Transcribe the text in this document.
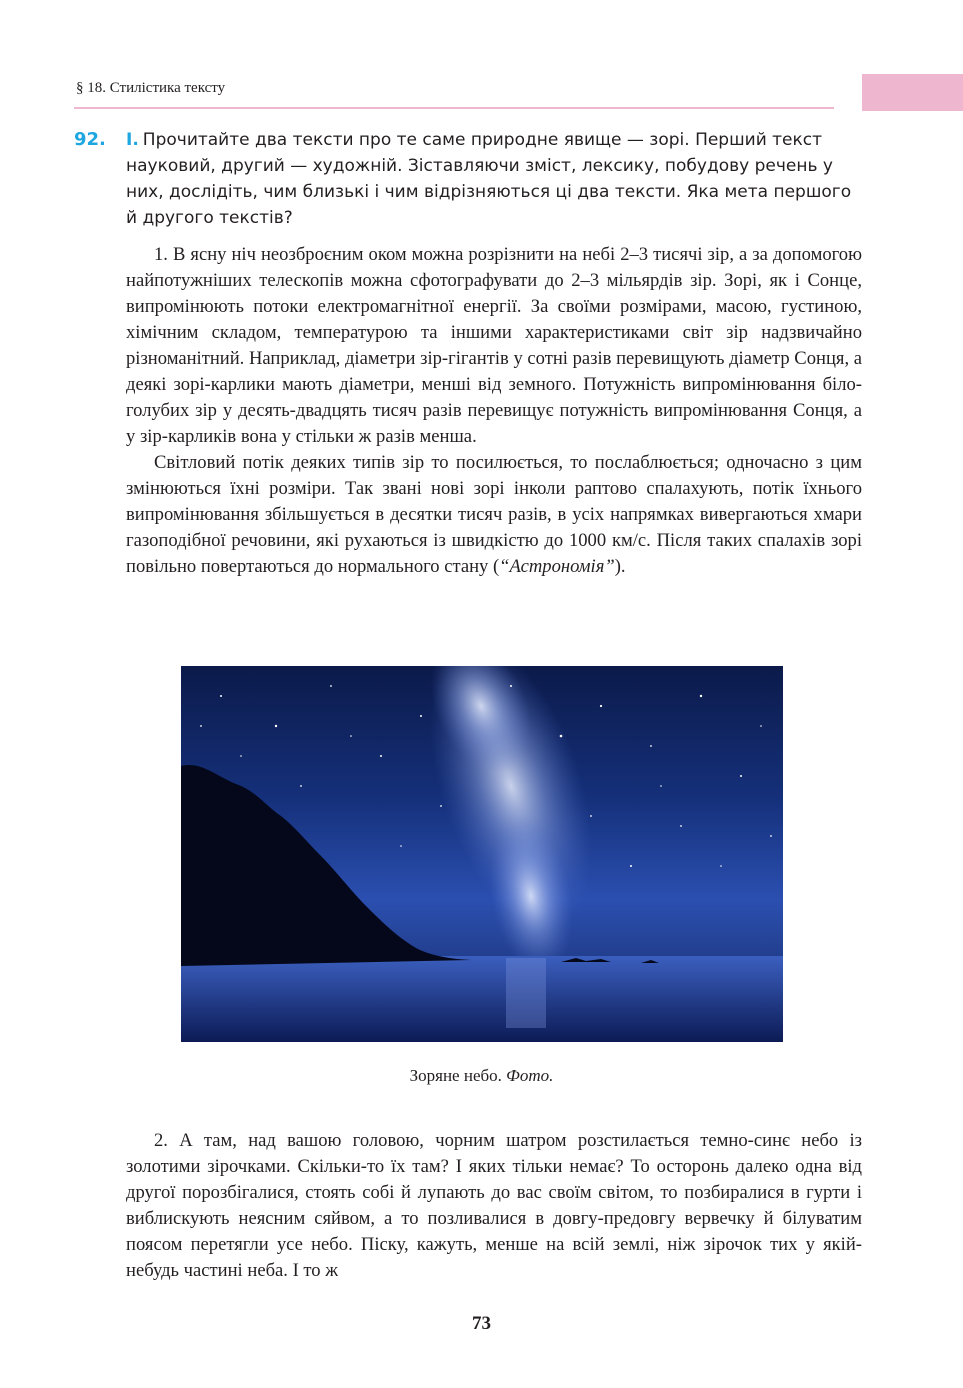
§ 18. Стилістика тексту
92. І. Прочитайте два тексти про те саме природне явище — зорі. Перший текст науковий, другий — художній. Зіставляючи зміст, лексику, побудову речень у них, дослідіть, чим близькі і чим відрізняються ці два тексти. Яка мета першого й другого текстів?

1. В ясну ніч неозброєним оком можна розрізнити на небі 2–3 тисячі зір, а за допомогою найпотужніших телескопів можна сфотографувати до 2–3 мільярдів зір. Зорі, як і Сонце, випромінюють потоки електромагнітної енергії. За своїми розмірами, масою, густиною, хімічним складом, температурою та іншими характеристиками світ зір надзвичайно різноманітний. Наприклад, діаметри зір-гігантів у сотні разів перевищують діаметр Сонця, а деякі зорі-карлики мають діаметри, менші від земного. Потужність випромінювання біло-голубих зір у десять-двадцять тисяч разів перевищує потужність випромінювання Сонця, а у зір-карликів вона у стільки ж разів менша.

Світловий потік деяких типів зір то посилюється, то послаблюється; одночасно з цим змінюються їхні розміри. Так звані нові зорі інколи раптово спалахують, потік їхнього випромінювання збільшується в десятки тисяч разів, в усіх напрямках вивергаються хмари газоподібної речовини, які рухаються із швидкістю до 1000 км/с. Після таких спалахів зорі повільно повертаються до нормального стану (“Астрономія”).

Зоряне небо. Фото.

2. А там, над вашою головою, чорним шатром розстилається темно-синє небо із золотими зірочками. Скільки-то їх там? І яких тільки немає? То осторонь далеко одна від другої порозбігалися, стоять собі й лупають до вас своїм світом, то позбиралися в гурти і виблискують неясним сяйвом, а то позливалися в довгу-предовгу вервечку й білуватим поясом перетягли усе небо. Піску, кажуть, менше на всій землі, ніж зірочок тих у якій-небудь частині неба. І то ж

73
